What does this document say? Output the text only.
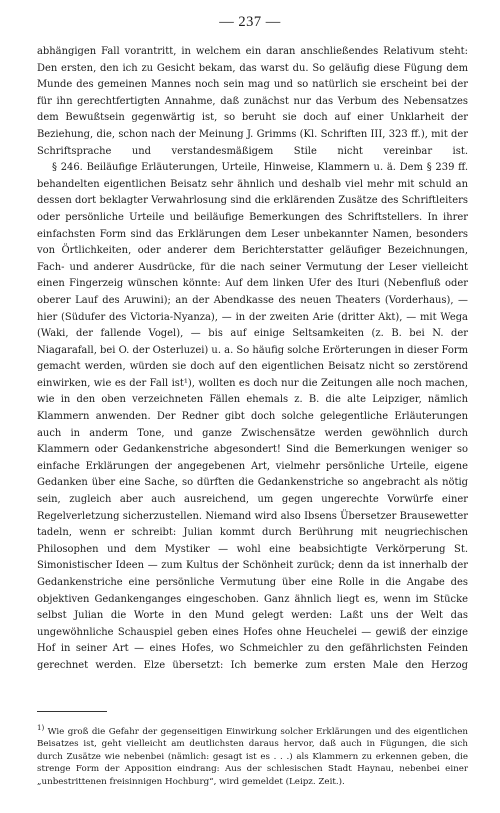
— 237 —

abhängigen Fall vorantritt, in welchem ein daran anschließendes Relativum steht: Den ersten, den ich zu Gesicht bekam, das warst du. So geläufig diese Fügung dem Munde des gemeinen Mannes noch sein mag und so natürlich sie erscheint bei der für ihn gerechtfertigten Annahme, daß zunächst nur das Verbum des Nebensatzes dem Bewußtsein gegenwärtig ist, so beruht sie doch auf einer Unklarheit der Beziehung, die, schon nach der Meinung J. Grimms (Kl. Schriften III, 323 ff.), mit der Schriftsprache und verstandesmäßigem Stile nicht vereinbar ist.

§ 246. Beiläufige Erläuterungen, Urteile, Hinweise, Klammern u. ä. Dem § 239 ff. behandelten eigentlichen Beisatz sehr ähnlich und deshalb viel mehr mit schuld an dessen dort beklagter Verwahrlosung sind die erklärenden Zusätze des Schriftleiters oder persönliche Urteile und beiläufige Bemerkungen des Schriftstellers. In ihrer einfachsten Form sind das Erklärungen dem Leser unbekannter Namen, besonders von Örtlichkeiten, oder anderer dem Berichterstatter geläufiger Bezeichnungen, Fach- und anderer Ausdrücke, für die nach seiner Vermutung der Leser vielleicht einen Fingerzeig wünschen könnte: Auf dem linken Ufer des Ituri (Nebenfluß oder oberer Lauf des Aruwini); an der Abendkasse des neuen Theaters (Vorderhaus), — hier (Südufer des Victoria-Nyanza), — in der zweiten Arie (dritter Akt), — mit Wega (Waki, der fallende Vogel), — bis auf einige Seltsamkeiten (z. B. bei N. der Niagarafall, bei O. der Osterluzei) u. a. So häufig solche Erörterungen in dieser Form gemacht werden, würden sie doch auf den eigentlichen Beisatz nicht so zerstörend einwirken, wie es der Fall ist¹), wollten es doch nur die Zeitungen alle noch machen, wie in den oben verzeichneten Fällen ehemals z. B. die alte Leipziger, nämlich Klammern anwenden. Der Redner gibt doch solche gelegentliche Erläuterungen auch in anderm Tone, und ganze Zwischensätze werden gewöhnlich durch Klammern oder Gedankenstriche abgesondert! Sind die Bemerkungen weniger so einfache Erklärungen der angegebenen Art, vielmehr persönliche Urteile, eigene Gedanken über eine Sache, so dürften die Gedankenstriche so angebracht als nötig sein, zugleich aber auch ausreichend, um gegen ungerechte Vorwürfe einer Regelverletzung sicherzustellen. Niemand wird also Ibsens Übersetzer Brausewetter tadeln, wenn er schreibt: Julian kommt durch Berührung mit neugriechischen Philosophen und dem Mystiker — wohl eine beabsichtigte Verkörperung St. Simonistischer Ideen — zum Kultus der Schönheit zurück; denn da ist innerhalb der Gedankenstriche eine persönliche Vermutung über eine Rolle in die Angabe des objektiven Gedankenganges eingeschoben. Ganz ähnlich liegt es, wenn im Stücke selbst Julian die Worte in den Mund gelegt werden: Laßt uns der Welt das ungewöhnliche Schauspiel geben eines Hofes ohne Heuchelei — gewiß der einzige Hof in seiner Art — eines Hofes, wo Schmeichler zu den gefährlichsten Feinden gerechnet werden. Elze übersetzt: Ich bemerke zum ersten Male den Herzog

$^{1)}$ Wie groß die Gefahr der gegenseitigen Einwirkung solcher Erklärungen und des eigentlichen Beisatzes ist, geht vielleicht am deutlichsten daraus hervor, daß auch in Fügungen, die sich durch Zusätze wie nebenbei (nämlich: gesagt ist es . . .) als Klammern zu erkennen geben, die strenge Form der Apposition eindrang: Aus der schlesischen Stadt Haynau, nebenbei einer „unbestrittenen freisinnigen Hochburg“, wird gemeldet (Leipz. Zeit.).
